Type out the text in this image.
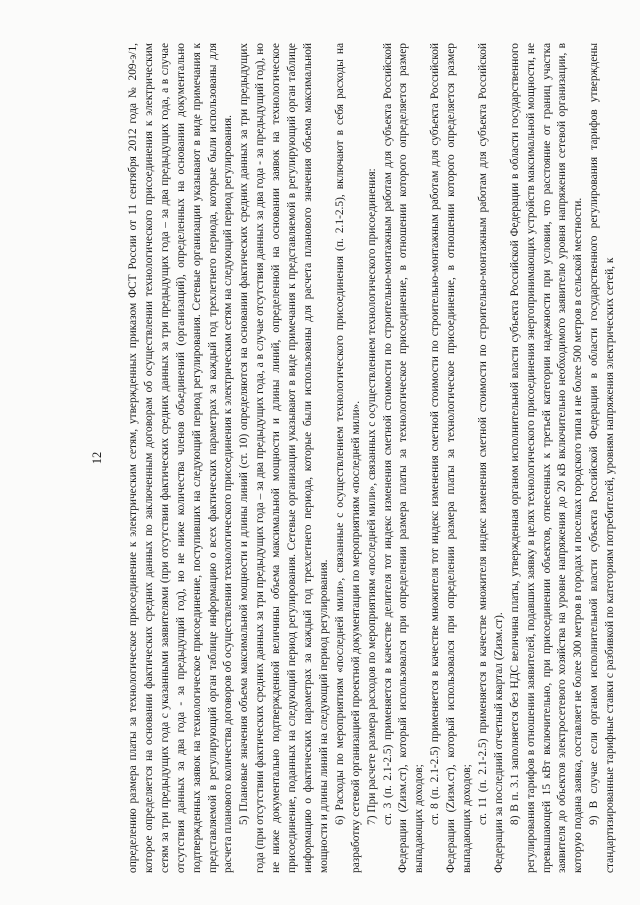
12 определению размера платы за технологическое присоединение к электрическим сетям, утвержденных приказом ФСТ России от 11 сентября 2012 года № 209-э/1, которое определяется на основании фактических средних данных по заключенным договорам об осуществлении технологического присоединения к электрическим сетям за три предыдущих года с указанными заявителями (при отсутствии фактических средних данных за три предыдущих года – за два предыдущих года, а в случае отсутствия данных за два года - за предыдущий год), но не ниже количества членов объединений (организаций), определенных на основании документально подтвержденных заявок на технологическое присоединение, поступивших на следующий период регулирования. Сетевые организации указывают в виде примечания к представляемой в регулирующий орган таблице информацию о всех фактических параметрах за каждый год трехлетнего периода, которые были использованы для расчета планового количества договоров об осуществлении технологического присоединения к электрическим сетям на следующий период регулирования. 5) Плановые значения объема максимальной мощности и длины линий (ст. 10) определяются на основании фактических средних данных за три предыдущих года (при отсутствии фактических средних данных за три предыдущих года – за два предыдущих года, а в случае отсутствия данных за два года - за предыдущий год), но не ниже документально подтвержденной величины объема максимальной мощности и длины линий, определенной на основании заявок на технологическое присоединение, поданных на следующий период регулирования. Сетевые организации указывают в виде примечания к представляемой в регулирующий орган таблице информацию о фактических параметрах за каждый год трехлетнего периода, которые были использованы для расчета планового значения объема максимальной мощности и длины линий на следующий период регулирования. 6) Расходы по мероприятиям «последней мили», связанные с осуществлением технологического присоединения (п. 2.1-2.5), включают в себя расходы на разработку сетевой организацией проектной документации по мероприятиям «последней мили». 7) При расчете размера расходов по мероприятиям «последней мили», связанных с осуществлением технологического присоединения: ст. 3 (п. 2.1-2.5) применяется в качестве делителя тот индекс изменения сметной стоимости по строительно-монтажным работам для субъекта Российской Федерации (Zизм.ст), который использовался при определении размера платы за технологическое присоединение, в отношении которого определяется размер выпадающих доходов; ст. 8 (п. 2.1-2.5) применяется в качестве множителя тот индекс изменения сметной стоимости по строительно-монтажным работам для субъекта Российской Федерации (Zизм.ст), который использовался при определении размера платы за технологическое присоединение, в отношении которого определяется размер выпадающих доходов; ст. 11 (п. 2.1-2.5) применяется в качестве множителя индекс изменения сметной стоимости по строительно-монтажным работам для субъекта Российской Федерации за последний отчетный квартал (Zизм.ст). 8) В п. 3.1 заполняется без НДС величина платы, утвержденная органом исполнительной власти субъекта Российской Федерации в области государственного регулирования тарифов в отношении заявителей, подавших заявку в целях технологического присоединения энергопринимающих устройств максимальной мощности, не превышающей 15 кВт включительно, при присоединении объектов, отнесенных к третьей категории надежности при условии, что расстояние от границ участка заявителя до объектов электросетевого хозяйства на уровне напряжения до 20 кВ включительно необходимого заявителю уровня напряжения сетевой организации, в которую подана заявка, составляет не более 300 метров в городах и поселках городского типа и не более 500 метров в сельской местности. 9) В случае если органом исполнительной власти субъекта Российской Федерации в области государственного регулирования тарифов утверждены стандартизированные тарифные ставки с разбивкой по категориям потребителей, уровням напряжения электрических сетей, к
